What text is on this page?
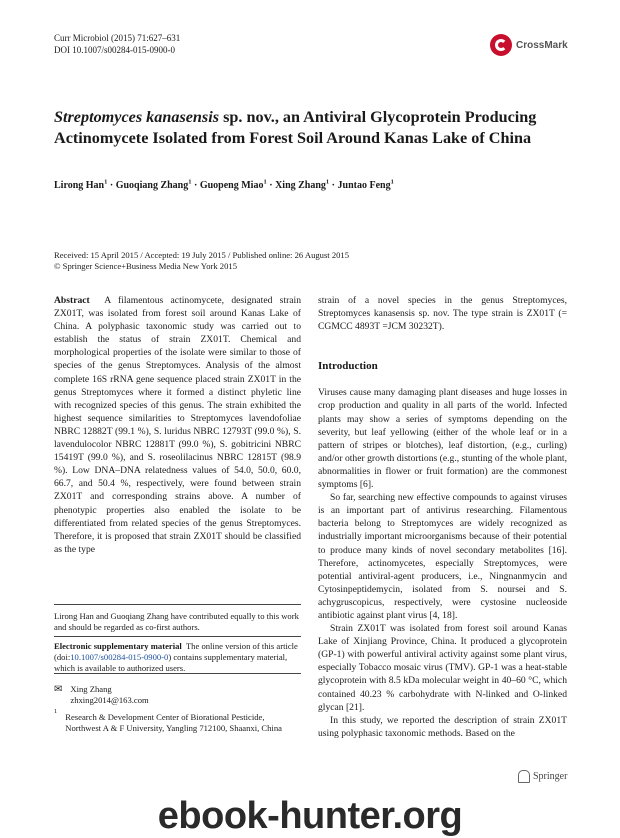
Curr Microbiol (2015) 71:627–631
DOI 10.1007/s00284-015-0900-0	CrossMark
Streptomyces kanasensis sp. nov., an Antiviral Glycoprotein Producing Actinomycete Isolated from Forest Soil Around Kanas Lake of China
Lirong Han$^1$ · Guoqiang Zhang$^1$ · Guopeng Miao$^1$ · Xing Zhang$^1$ · Juntao Feng$^1$
Received: 15 April 2015 / Accepted: 19 July 2015 / Published online: 26 August 2015
© Springer Science+Business Media New York 2015

Abstract A filamentous actinomycete, designated strain ZX01T, was isolated from forest soil around Kanas Lake of China. A polyphasic taxonomic study was carried out to establish the status of strain ZX01T. Chemical and morphological properties of the isolate were similar to those of species of the genus Streptomyces. Analysis of the almost complete 16S rRNA gene sequence placed strain ZX01T in the genus Streptomyces where it formed a distinct phyletic line with recognized species of this genus. The strain exhibited the highest sequence similarities to Streptomyces lavendofoliae NBRC 12882T (99.1 %), S. luridus NBRC 12793T (99.0 %), S. lavendulocolor NBRC 12881T (99.0 %), S. gobitricini NBRC 15419T (99.0 %), and S. roseolilacinus NBRC 12815T (98.9 %). Low DNA–DNA relatedness values of 54.0, 50.0, 60.0, 66.7, and 50.4 %, respectively, were found between strain ZX01T and corresponding strains above. A number of phenotypic properties also enabled the isolate to be differentiated from related species of the genus Streptomyces. Therefore, it is proposed that strain ZX01T should be classified as the type

Lirong Han and Guoqiang Zhang have contributed equally to this work and should be regarded as co-first authors.
Electronic supplementary material The online version of this article (doi:10.1007/s00284-015-0900-0) contains supplementary material, which is available to authorized users.
✉ Xing Zhang
zhxing2014@163.com
1
Research & Development Center of Biorational Pesticide, Northwest A & F University, Yangling 712100, Shaanxi, China

strain of a novel species in the genus Streptomyces, Streptomyces kanasensis sp. nov. The type strain is ZX01T (= CGMCC 4893T =JCM 30232T).

Introduction

Viruses cause many damaging plant diseases and huge losses in crop production and quality in all parts of the world. Infected plants may show a series of symptoms depending on the severity, but leaf yellowing (either of the whole leaf or in a pattern of stripes or blotches), leaf distortion, (e.g., curling) and/or other growth distortions (e.g., stunting of the whole plant, abnormalities in flower or fruit formation) are the commonest symptoms [6].

So far, searching new effective compounds to against viruses is an important part of antivirus researching. Filamentous bacteria belong to Streptomyces are widely recognized as industrially important microorganisms because of their potential to produce many kinds of novel secondary metabolites [16]. Therefore, actinomycetes, especially Streptomyces, were potential antiviral-agent producers, i.e., Ningnanmycin and Cytosinpeptidemycin, isolated from S. noursei and S. achygruscopicus, respectively, were cystosine nucleoside antibiotic against plant virus [4, 18].

Strain ZX01T was isolated from forest soil around Kanas Lake of Xinjiang Province, China. It produced a glycoprotein (GP-1) with powerful antiviral activity against some plant virus, especially Tobacco mosaic virus (TMV). GP-1 was a heat-stable glycoprotein with 8.5 kDa molecular weight in 40–60 °C, which contained 40.23 % carbohydrate with N-linked and O-linked glycan [21].

In this study, we reported the description of strain ZX01T using polyphasic taxonomic methods. Based on the

Springer
ebook-hunter.org
